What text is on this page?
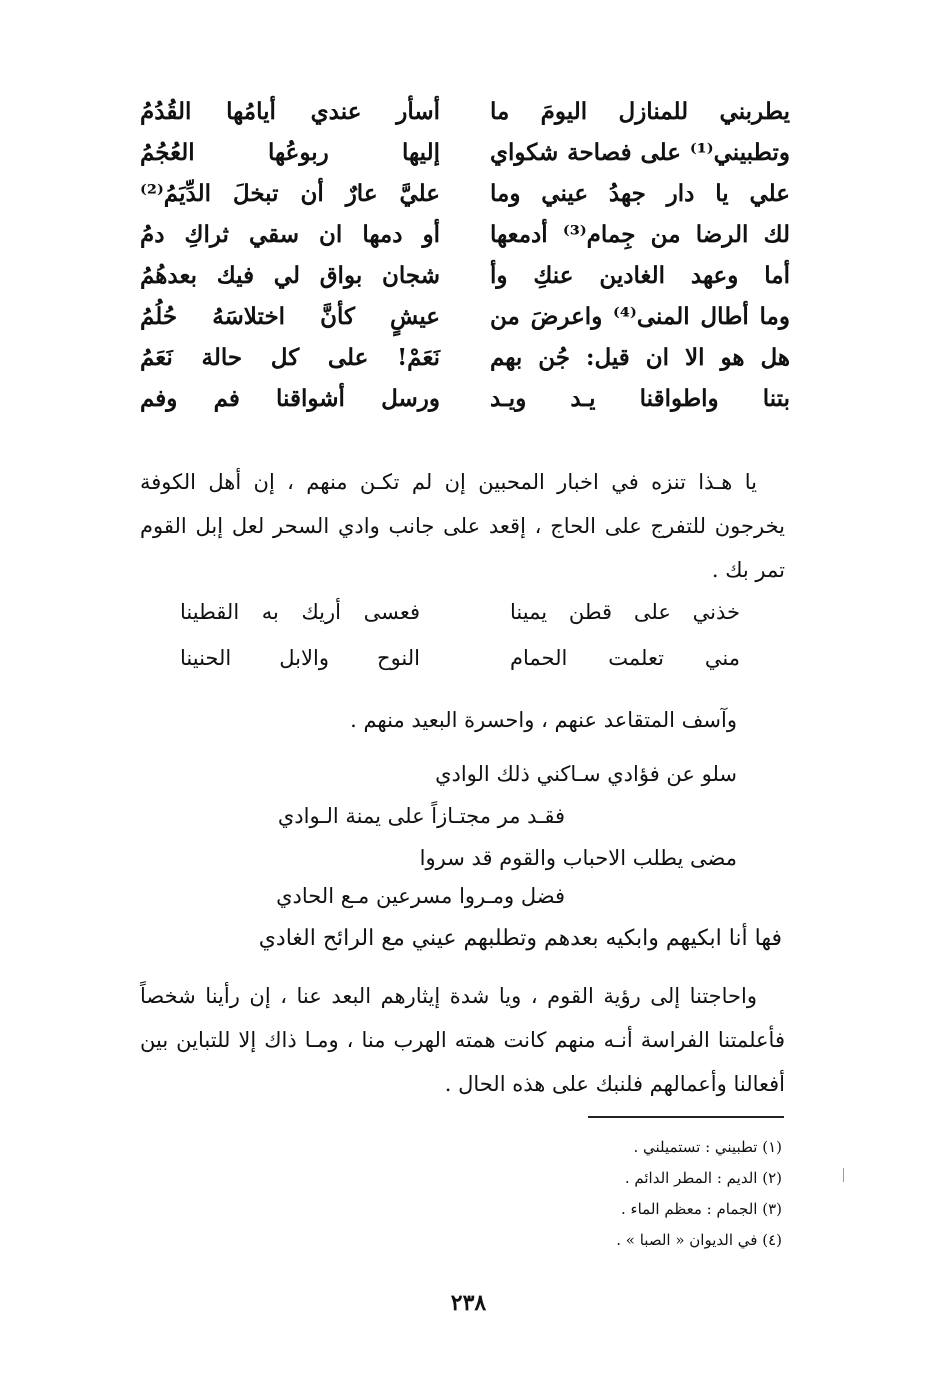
يطربني للمنازل اليومَ ما
أسأر عندي أيامُها القُدُمُ
وتطبيني⁽¹⁾ على فصاحة شكواي
إليها ربوعُها العُجُمُ
علي يا دار جهدُ عيني وما
عليَّ عارٌ أن تبخلَ الدِّيَمُ⁽²⁾
لك الرضا من جِمام⁽³⁾ أدمعها
أو دمها ان سقي ثراكِ دمُ
أما وعهد الغادين عنكِ وأ
شجان بواق لي فيك بعدهُمُ
وما أطال المنى⁽⁴⁾ واعرضَ من
عيشٍ كأنَّ اختلاسَهُ حُلُمُ
هل هو الا ان قيل: جُن بهم
نَعَمْ! على كل حالة نَعَمُ
بتنا واطواقنا يـد ويـد
ورسل أشواقنا فم وفم
يا هـذا تنزه في اخبار المحبين إن لم تكـن منهم ، إن أهل الكوفة يخرجون للتفرج على الحاج ، إقعد على جانب وادي السحر لعل إبل القوم تمر بك .
خذني على قطن يمينا
فعسى أريك به القطينا
مني تعلمت الحمام
النوح والابل الحنينا
وآسف المتقاعد عنهم ، واحسرة البعيد منهم .
سلو عن فؤادي سـاكني ذلك الوادي
فقـد مر مجتـازاً على يمنة الـوادي
مضى يطلب الاحباب والقوم قد سروا
فضل ومـروا مسرعين مـع الحادي
فها أنا ابكيهم وابكيه بعدهم وتطلبهم عيني مع الرائح الغادي
واحاجتنا إلى رؤية القوم ، ويا شدة إيثارهم البعد عنا ، إن رأينا شخصاً فأعلمتنا الفراسة أنـه منهم كانت همته الهرب منا ، ومـا ذاك إلا للتباين بين أفعالنا وأعمالهم فلنبك على هذه الحال .
(١) تطبيني : تستميلني .
(٢) الديم : المطر الدائم .
(٣) الجمام : معظم الماء .
(٤) في الديوان « الصبا » .
٢٣٨
